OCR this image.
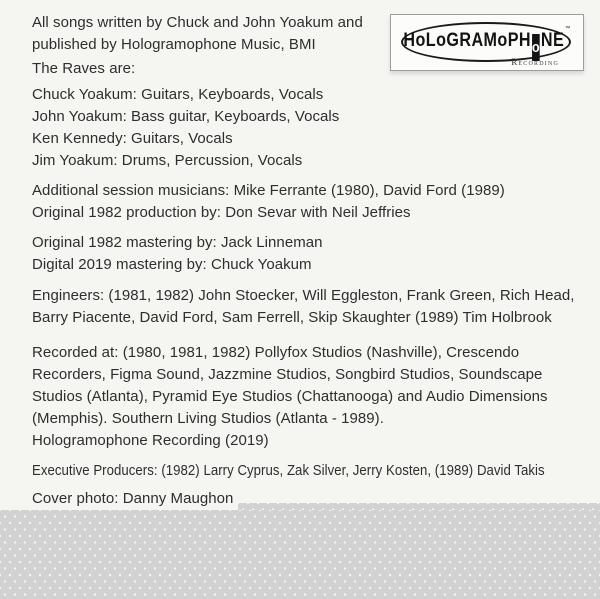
All songs written by Chuck and John Yoakum and
published by Hologramophone Music, BMI
The Raves are:
Chuck Yoakum: Guitars, Keyboards, Vocals
John Yoakum: Bass guitar, Keyboards, Vocals
Ken Kennedy: Guitars, Vocals
Jim Yoakum: Drums, Percussion, Vocals
Additional session musicians: Mike Ferrante (1980), David Ford (1989)
Original 1982 production by: Don Sevar with Neil Jeffries
Original 1982 mastering by: Jack Linneman
Digital 2019 mastering by: Chuck Yoakum
Engineers: (1981, 1982) John Stoecker, Will Eggleston, Frank Green, Rich Head,
Barry Piacente, David Ford, Sam Ferrell, Skip Skaughter (1989) Tim Holbrook
Recorded at: (1980, 1981, 1982) Pollyfox Studios (Nashville), Crescendo
Recorders, Figma Sound, Jazzmine Studios, Songbird Studios, Soundscape
Studios (Atlanta), Pyramid Eye Studios (Chattanooga) and Audio Dimensions
(Memphis). Southern Living Studios (Atlanta - 1989).
Hologramophone Recording (2019)
Executive Producers: (1982) Larry Cyprus, Zak Silver, Jerry Kosten, (1989) David Takis
Cover photo: Danny Maughon
HoLoGRAMoPH o NE
™
Recording
